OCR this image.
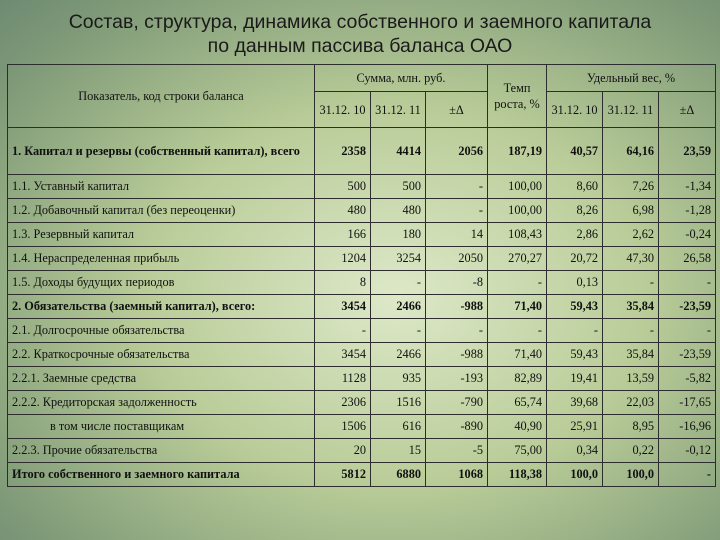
Состав, структура, динамика собственного и заемного капитала
по данным пассива баланса ОАО
Показатель, код строки баланса	Сумма, млн. руб.			Темп роста, %	Удельный вес, %		
	31.12. 10	31.12. 11	±Δ		31.12. 10	31.12. 11	±Δ
1. Капитал и резервы (собственный капитал), всего	2358	4414	2056	187,19	40,57	64,16	23,59
1.1. Уставный капитал	500	500	-	100,00	8,60	7,26	-1,34
1.2. Добавочный капитал (без переоценки)	480	480	-	100,00	8,26	6,98	-1,28
1.3. Резервный капитал	166	180	14	108,43	2,86	2,62	-0,24
1.4. Нераспределенная прибыль	1204	3254	2050	270,27	20,72	47,30	26,58
1.5. Доходы будущих периодов	8	-	-8	-	0,13	-	-
2. Обязательства (заемный капитал), всего:	3454	2466	-988	71,40	59,43	35,84	-23,59
2.1. Долгосрочные обязательства	-	-	-	-	-	-	-
2.2. Краткосрочные обязательства	3454	2466	-988	71,40	59,43	35,84	-23,59
2.2.1. Заемные средства	1128	935	-193	82,89	19,41	13,59	-5,82
2.2.2. Кредиторская задолженность	2306	1516	-790	65,74	39,68	22,03	-17,65
в том числе поставщикам	1506	616	-890	40,90	25,91	8,95	-16,96
2.2.3. Прочие обязательства	20	15	-5	75,00	0,34	0,22	-0,12
Итого собственного и заемного капитала	5812	6880	1068	118,38	100,0	100,0	-
